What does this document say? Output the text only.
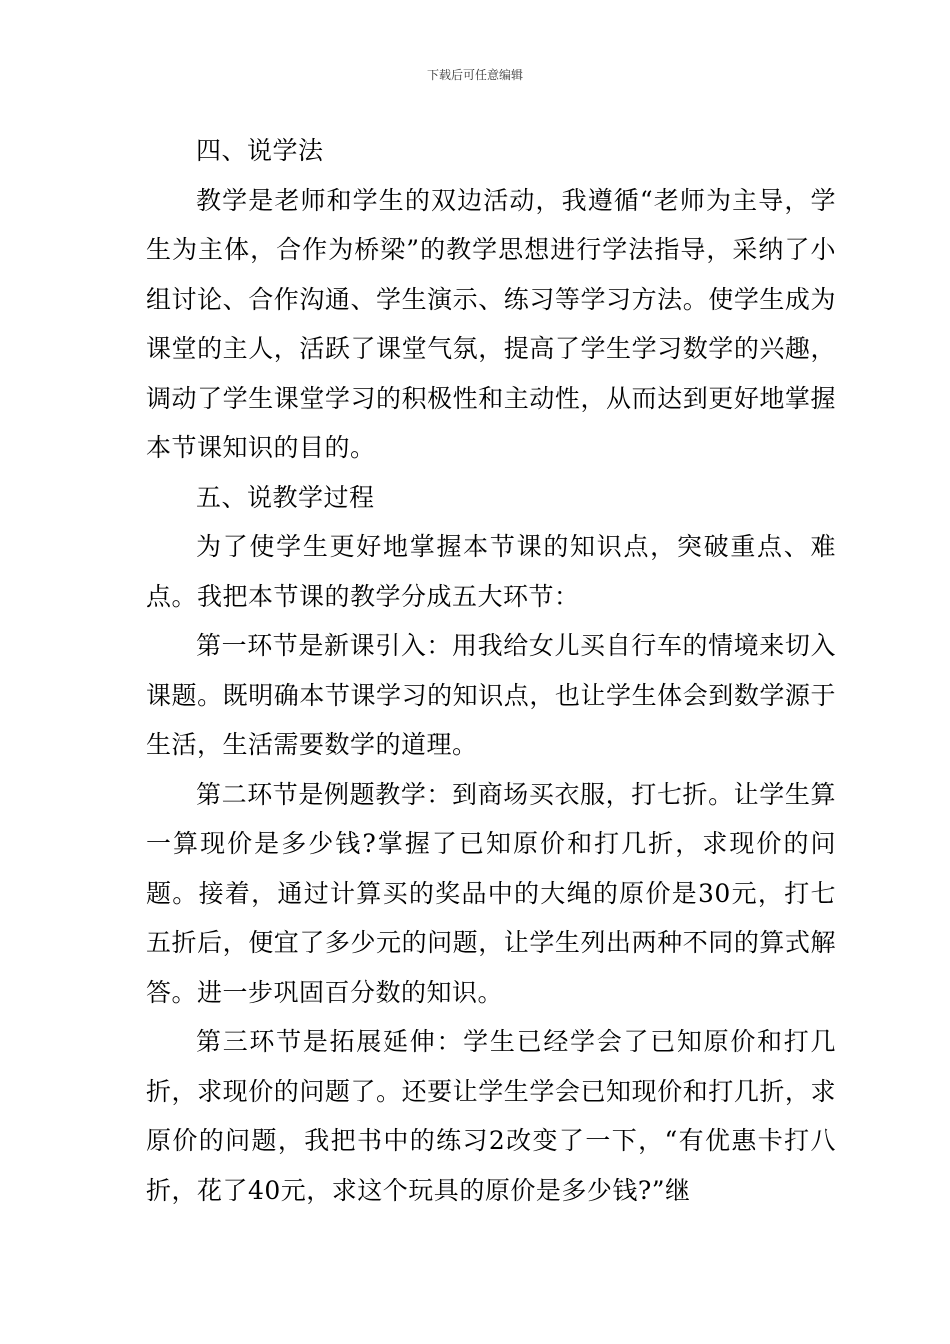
下载后可任意编辑

四、说学法

教学是老师和学生的双边活动，我遵循“老师为主导，学生为主体，合作为桥梁”的教学思想进行学法指导，采纳了小组讨论、合作沟通、学生演示、练习等学习方法。使学生成为课堂的主人，活跃了课堂气氛，提高了学生学习数学的兴趣，调动了学生课堂学习的积极性和主动性，从而达到更好地掌握本节课知识的目的。

五、说教学过程

为了使学生更好地掌握本节课的知识点，突破重点、难点。我把本节课的教学分成五大环节：

第一环节是新课引入：用我给女儿买自行车的情境来切入课题。既明确本节课学习的知识点，也让学生体会到数学源于生活，生活需要数学的道理。

第二环节是例题教学：到商场买衣服，打七折。让学生算一算现价是多少钱?掌握了已知原价和打几折，求现价的问题。接着，通过计算买的奖品中的大绳的原价是30元，打七五折后，便宜了多少元的问题，让学生列出两种不同的算式解答。进一步巩固百分数的知识。

第三环节是拓展延伸：学生已经学会了已知原价和打几折，求现价的问题了。还要让学生学会已知现价和打几折，求原价的问题，我把书中的练习2改变了一下，“有优惠卡打八折，花了40元，求这个玩具的原价是多少钱?”继
